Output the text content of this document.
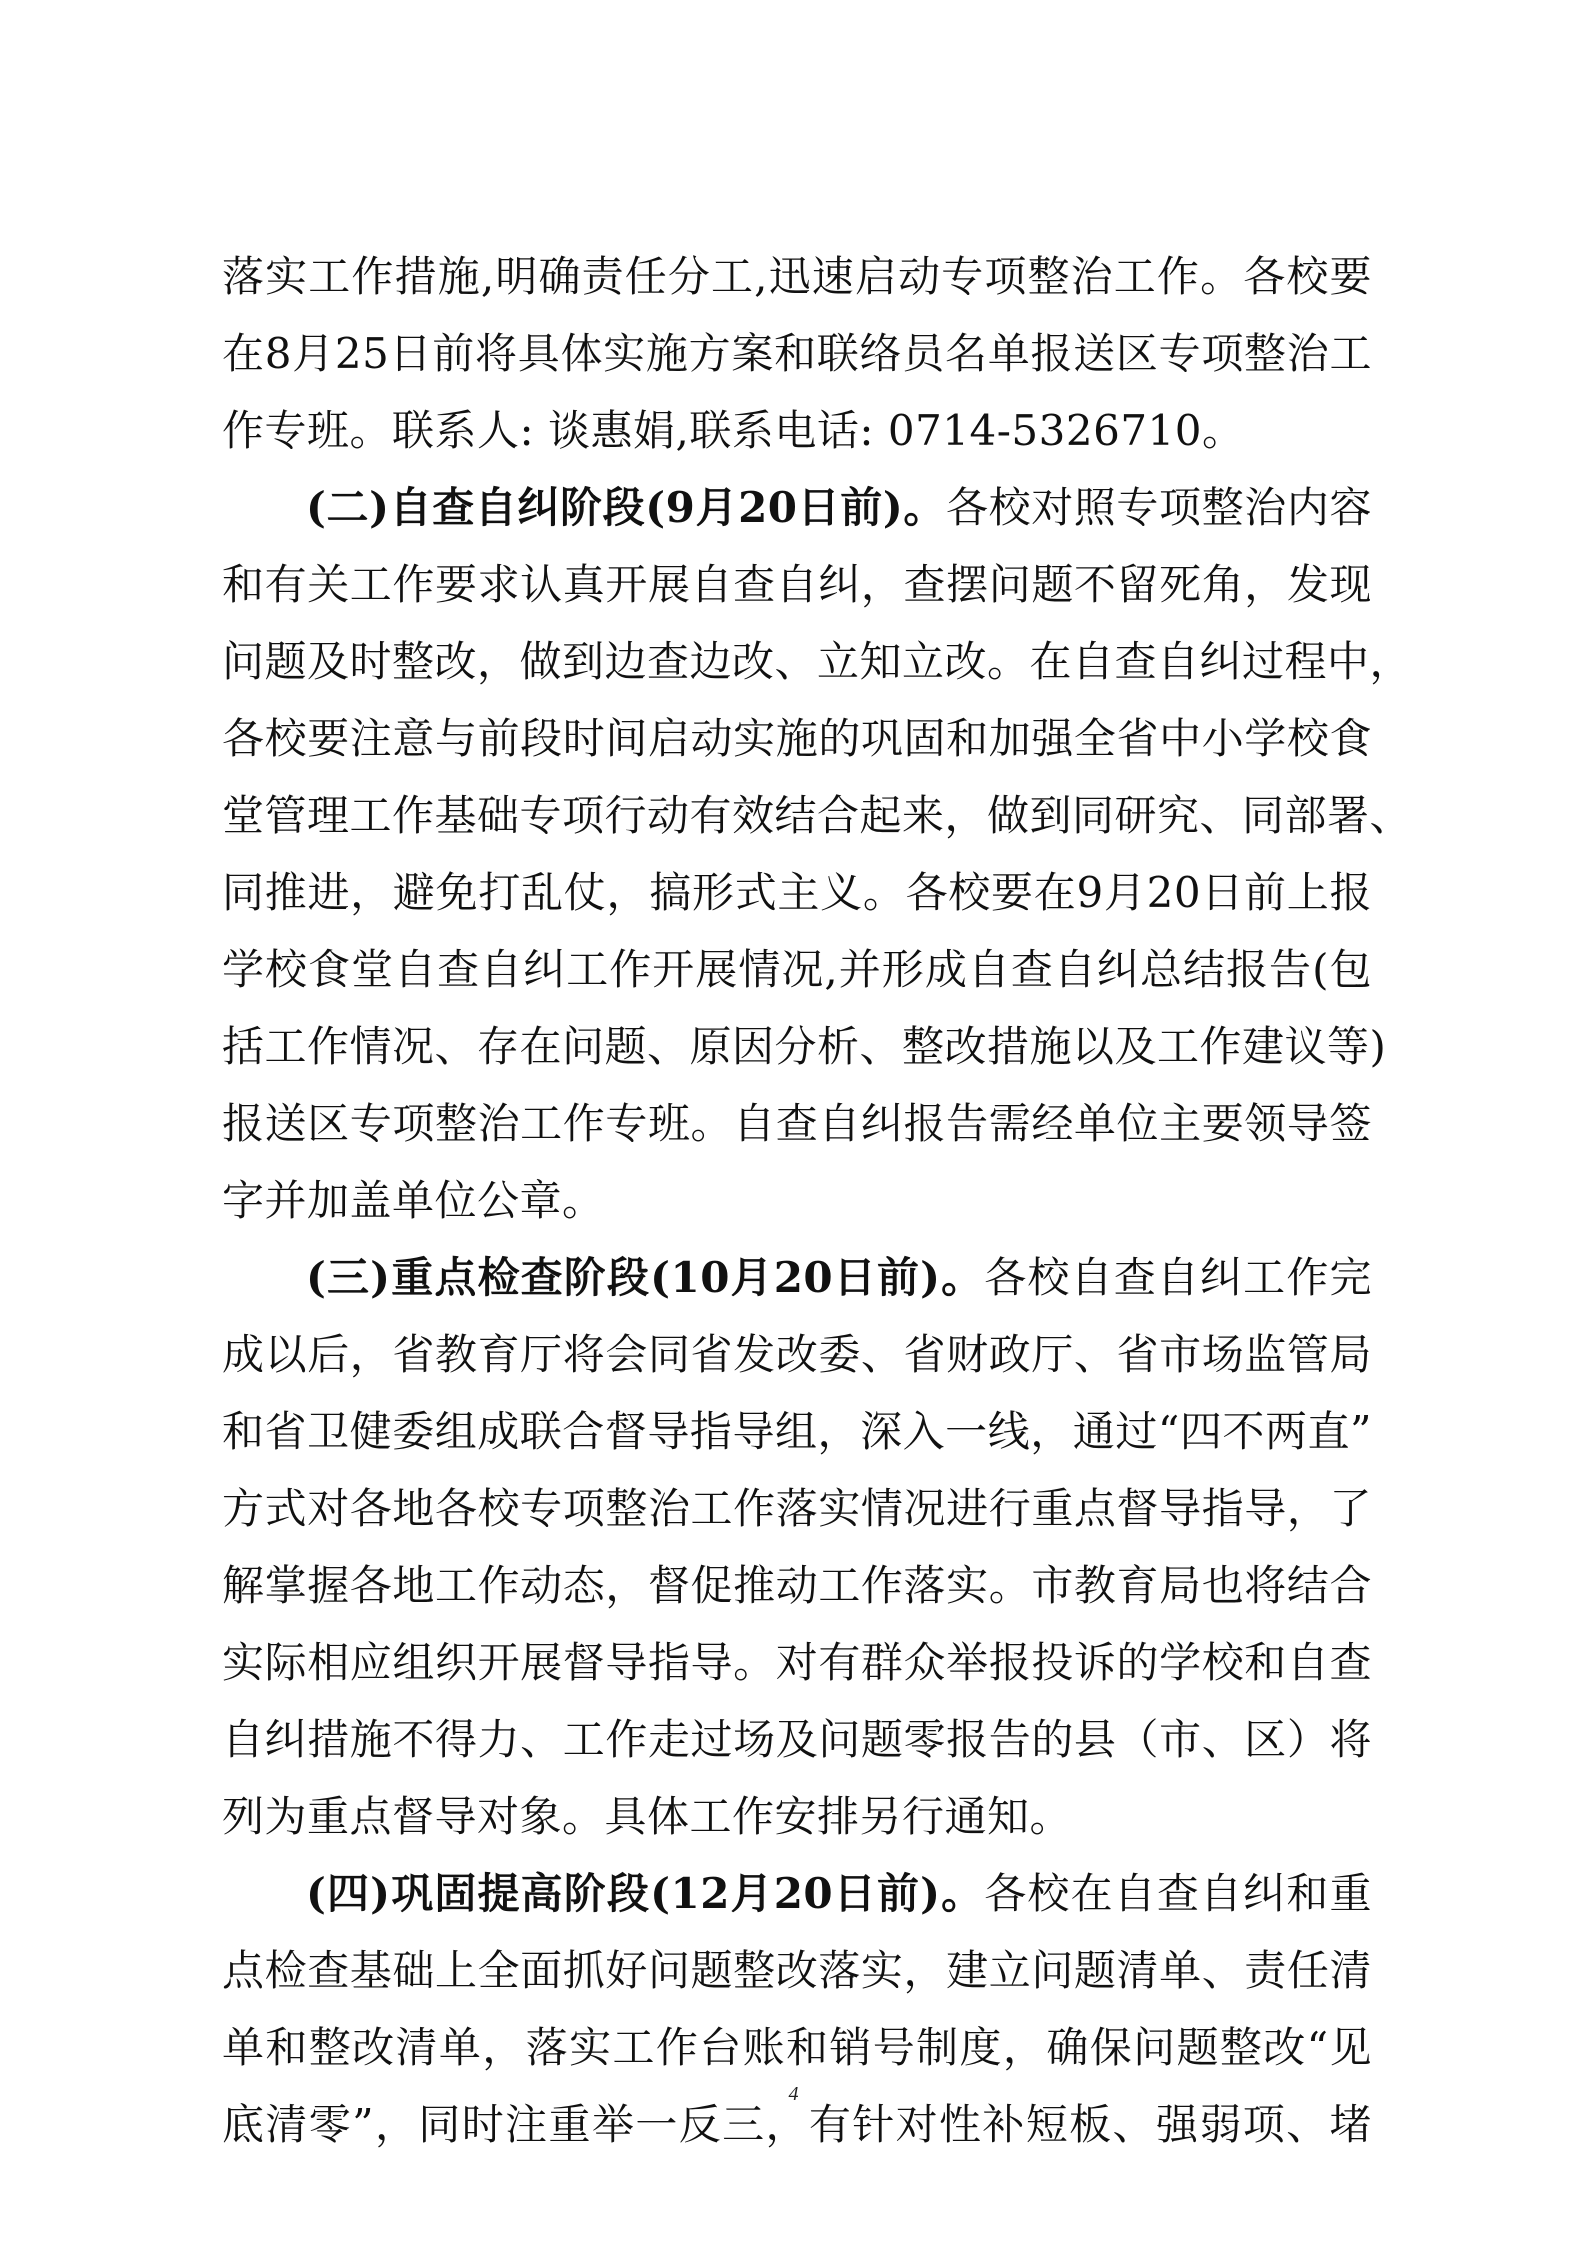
落实工作措施,明确责任分工,迅速启动专项整治工作。各校要
在8月25日前将具体实施方案和联络员名单报送区专项整治工
作专班。联系人: 谈惠娟,联系电话: 0714-5326710。
(二)自查自纠阶段(9月20日前)。各校对照专项整治内容
和有关工作要求认真开展自查自纠，查摆问题不留死角，发现
问题及时整改，做到边查边改、立知立改。在自查自纠过程中，
各校要注意与前段时间启动实施的巩固和加强全省中小学校食
堂管理工作基础专项行动有效结合起来，做到同研究、同部署、
同推进，避免打乱仗，搞形式主义。各校要在9月20日前上报
学校食堂自查自纠工作开展情况,并形成自查自纠总结报告(包
括工作情况、存在问题、原因分析、整改措施以及工作建议等)
报送区专项整治工作专班。自查自纠报告需经单位主要领导签
字并加盖单位公章。
(三)重点检查阶段(10月20日前)。各校自查自纠工作完
成以后，省教育厅将会同省发改委、省财政厅、省市场监管局
和省卫健委组成联合督导指导组，深入一线，通过“四不两直”
方式对各地各校专项整治工作落实情况进行重点督导指导，了
解掌握各地工作动态，督促推动工作落实。市教育局也将结合
实际相应组织开展督导指导。对有群众举报投诉的学校和自查
自纠措施不得力、工作走过场及问题零报告的县（市、区）将
列为重点督导对象。具体工作安排另行通知。
(四)巩固提高阶段(12月20日前)。各校在自查自纠和重
点检查基础上全面抓好问题整改落实，建立问题清单、责任清
单和整改清单，落实工作台账和销号制度，确保问题整改“见
底清零”，同时注重举一反三，有针对性补短板、强弱项、堵
4
